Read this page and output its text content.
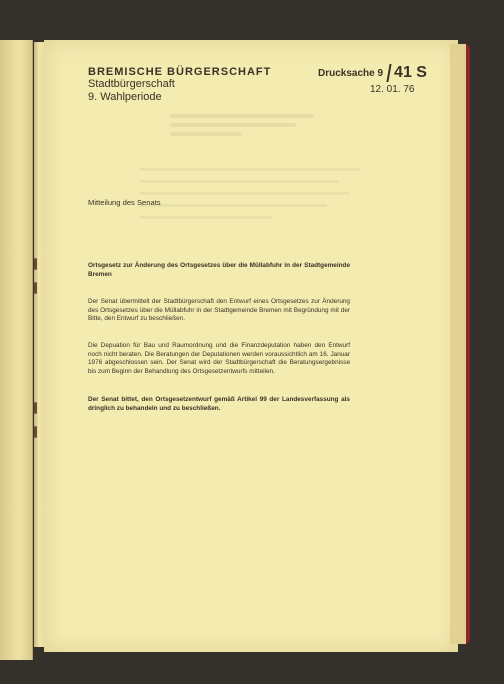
BREMISCHE BÜRGERSCHAFT
Stadtbürgerschaft
9. Wahlperiode
Drucksache 9 41 S
12. 01. 76
Mitteilung des Senats
Ortsgesetz zur Änderung des Ortsgesetzes über die Müllabfuhr in der Stadtgemeinde Bremen
Der Senat übermittelt der Stadtbürgerschaft den Entwurf eines Ortsgesetzes zur Änderung des Ortsgesetzes über die Müllabfuhr in der Stadtgemeinde Bremen mit Begründung mit der Bitte, den Entwurf zu beschließen.
Die Depuation für Bau und Raumordnung und die Finanzdeputation haben den Entwurf noch nicht beraten. Die Beratungen der Deputationen werden voraussichtlich am 16. Januar 1976 abgeschlossen sein. Der Senat wird der Stadtbürgerschaft die Beratungsergebnisse bis zum Beginn der Behandlung des Ortsgesetzentwurfs mitteilen.
Der Senat bittet, den Ortsgesetzentwurf gemäß Artikel 99 der Landesverfassung als dringlich zu behandeln und zu beschließen.
